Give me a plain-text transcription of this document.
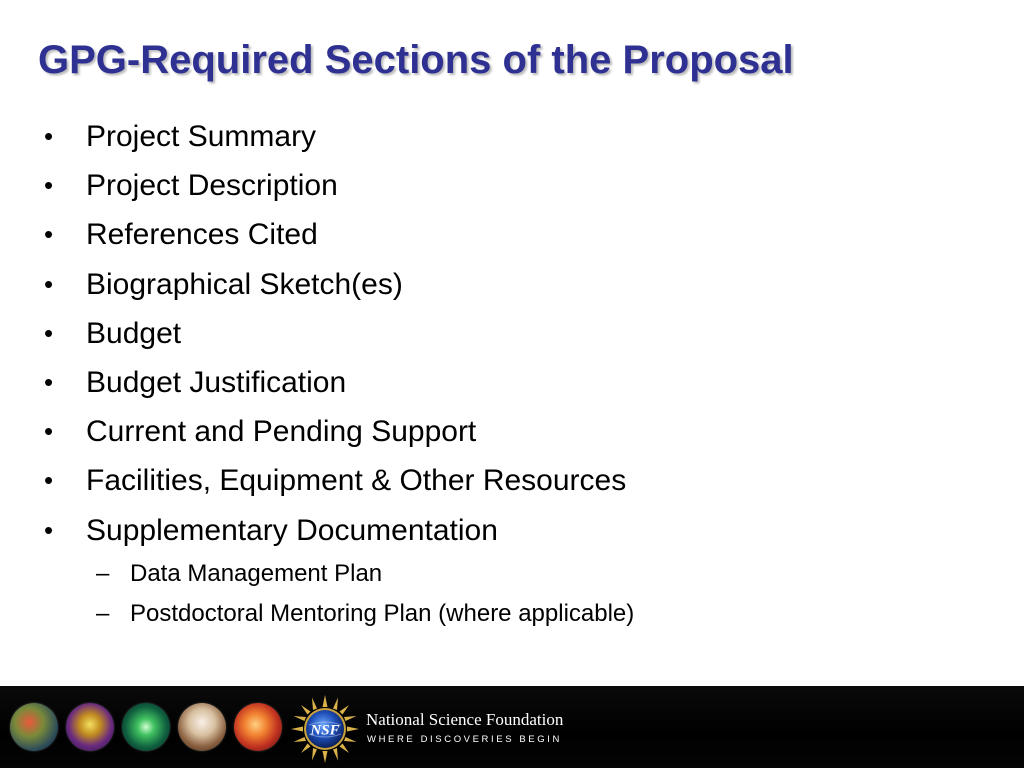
GPG-Required Sections of the Proposal
•	Project Summary
•	Project Description
•	References Cited
•	Biographical Sketch(es)
•	Budget
•	Budget Justification
•	Current and Pending Support
•	Facilities, Equipment & Other Resources
•	Supplementary Documentation
– Data Management Plan
– Postdoctoral Mentoring Plan (where applicable)
NSF
National Science Foundation
WHERE DISCOVERIES BEGIN
